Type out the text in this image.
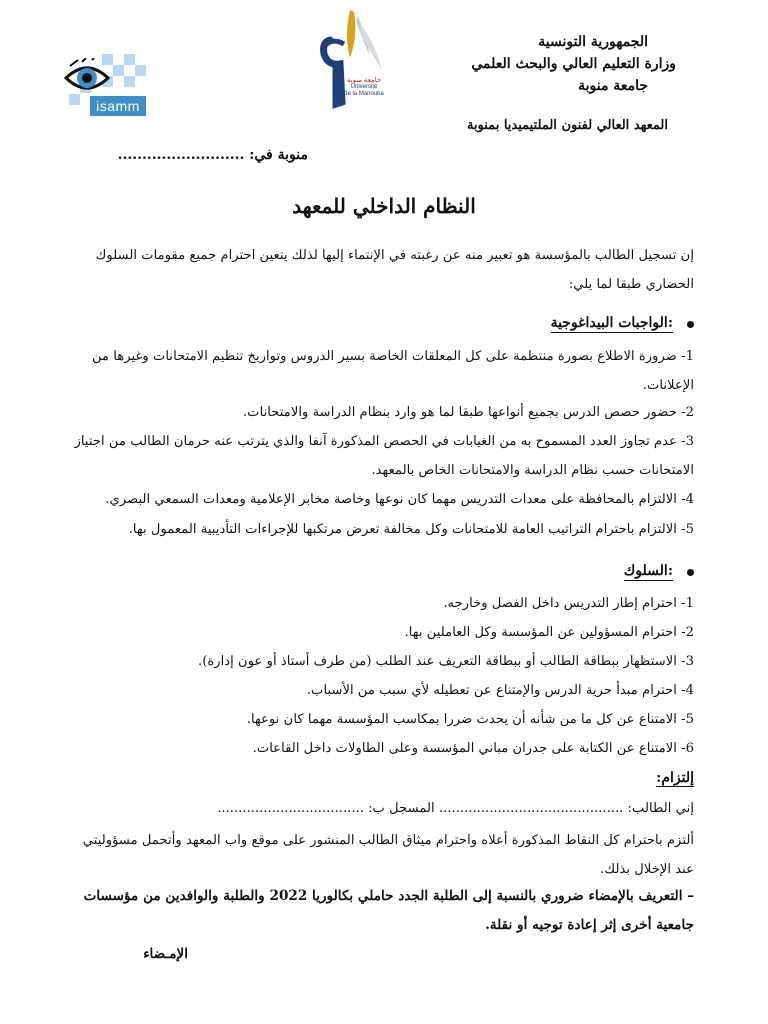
isamm
جامعة منوبة
Université
de la Manouba
الجمهورية التونسية
وزارة التعليم العالي والبحث العلمي
جامعة منوبة
المعهد العالي لفنون الملتيميديا بمنوبة
منوبة في: ..........................
النظام الداخلي للمعهد
إن تسجيل الطالب بالمؤسسة هو تعبير منه عن رغبته في الإنتماء إليها لذلك يتعين احترام جميع مقومات السلوك الحضاري طبقا لما يلي:
الواجبات البيداغوجية:
1- ضرورة الاطلاع بصورة منتظمة على كل المعلقات الخاصة بسير الدروس وتواريخ تنظيم الامتحانات وغيرها من الإعلانات.
2- حضور حصص الدرس بجميع أنواعها طبقا لما هو وارد بنظام الدراسة والامتحانات.
3- عدم تجاوز العدد المسموح به من الغيابات في الحصص المذكورة آنفا والذي يترتب عنه حرمان الطالب من اجتياز الامتحانات حسب نظام الدراسة والامتحانات الخاص بالمعهد.
4- الالتزام بالمحافظة على معدات التدريس مهما كان نوعها وخاصة مخابر الإعلامية ومعدات السمعي البصري.
5- الالتزام باحترام التراتيب العامة للامتحانات وكل مخالفة تعرض مرتكبها للإجراءات التأديبية المعمول بها.
السلوك:
1- احترام إطار التدريس داخل الفصل وخارجه.
2- احترام المسؤولين عن المؤسسة وكل العاملين بها.
3- الاستظهار ببطاقة الطالب أو ببطاقة التعريف عند الطلب (من طرف أستاذ أو عون إدارة).
4- احترام مبدأ حرية الدرس والإمتناع عن تعطيله لأي سبب من الأسباب.
5- الامتناع عن كل ما من شأنه أن يحدث ضررا بمكاسب المؤسسة مهما كان نوعها.
6- الامتناع عن الكتابة على جدران مباني المؤسسة وعلى الطاولات داخل القاعات.
إلتزام:
إني الطالب: ............................................ المسجل ب: ...................................
ألتزم باحترام كل النقاط المذكورة أعلاه واحترام ميثاق الطالب المنشور على موقع واب المعهد وأتحمل مسؤوليتي عند الإخلال بذلك.
– التعريف بالإمضاء ضروري بالنسبة إلى الطلبة الجدد حاملي بكالوريا 2022 والطلبة والوافدين من مؤسسات جامعية أخرى إثر إعادة توجيه أو نقلة.
الإمـضاء
